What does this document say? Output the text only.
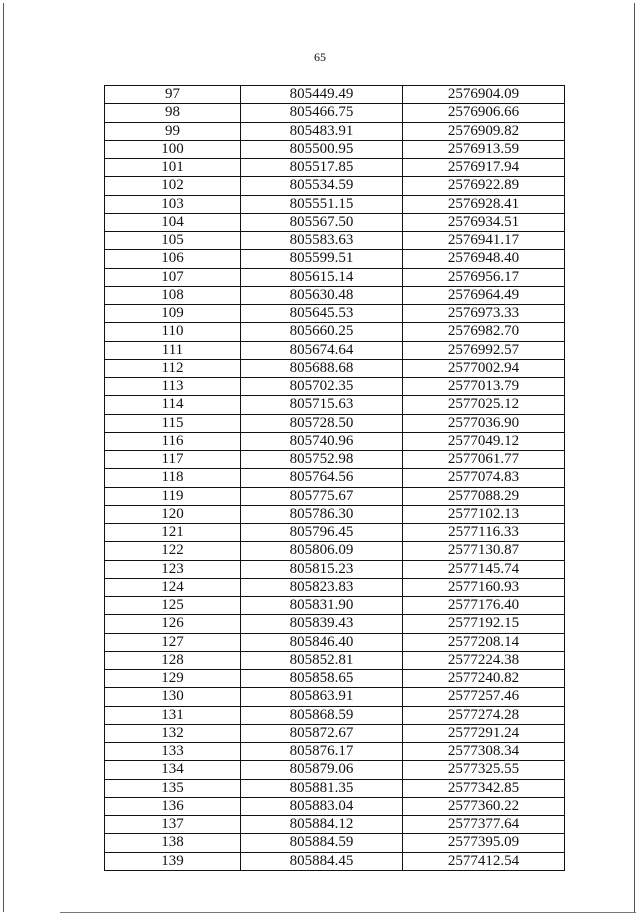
65
97	805449.49	2576904.09
98	805466.75	2576906.66
99	805483.91	2576909.82
100	805500.95	2576913.59
101	805517.85	2576917.94
102	805534.59	2576922.89
103	805551.15	2576928.41
104	805567.50	2576934.51
105	805583.63	2576941.17
106	805599.51	2576948.40
107	805615.14	2576956.17
108	805630.48	2576964.49
109	805645.53	2576973.33
110	805660.25	2576982.70
111	805674.64	2576992.57
112	805688.68	2577002.94
113	805702.35	2577013.79
114	805715.63	2577025.12
115	805728.50	2577036.90
116	805740.96	2577049.12
117	805752.98	2577061.77
118	805764.56	2577074.83
119	805775.67	2577088.29
120	805786.30	2577102.13
121	805796.45	2577116.33
122	805806.09	2577130.87
123	805815.23	2577145.74
124	805823.83	2577160.93
125	805831.90	2577176.40
126	805839.43	2577192.15
127	805846.40	2577208.14
128	805852.81	2577224.38
129	805858.65	2577240.82
130	805863.91	2577257.46
131	805868.59	2577274.28
132	805872.67	2577291.24
133	805876.17	2577308.34
134	805879.06	2577325.55
135	805881.35	2577342.85
136	805883.04	2577360.22
137	805884.12	2577377.64
138	805884.59	2577395.09
139	805884.45	2577412.54
